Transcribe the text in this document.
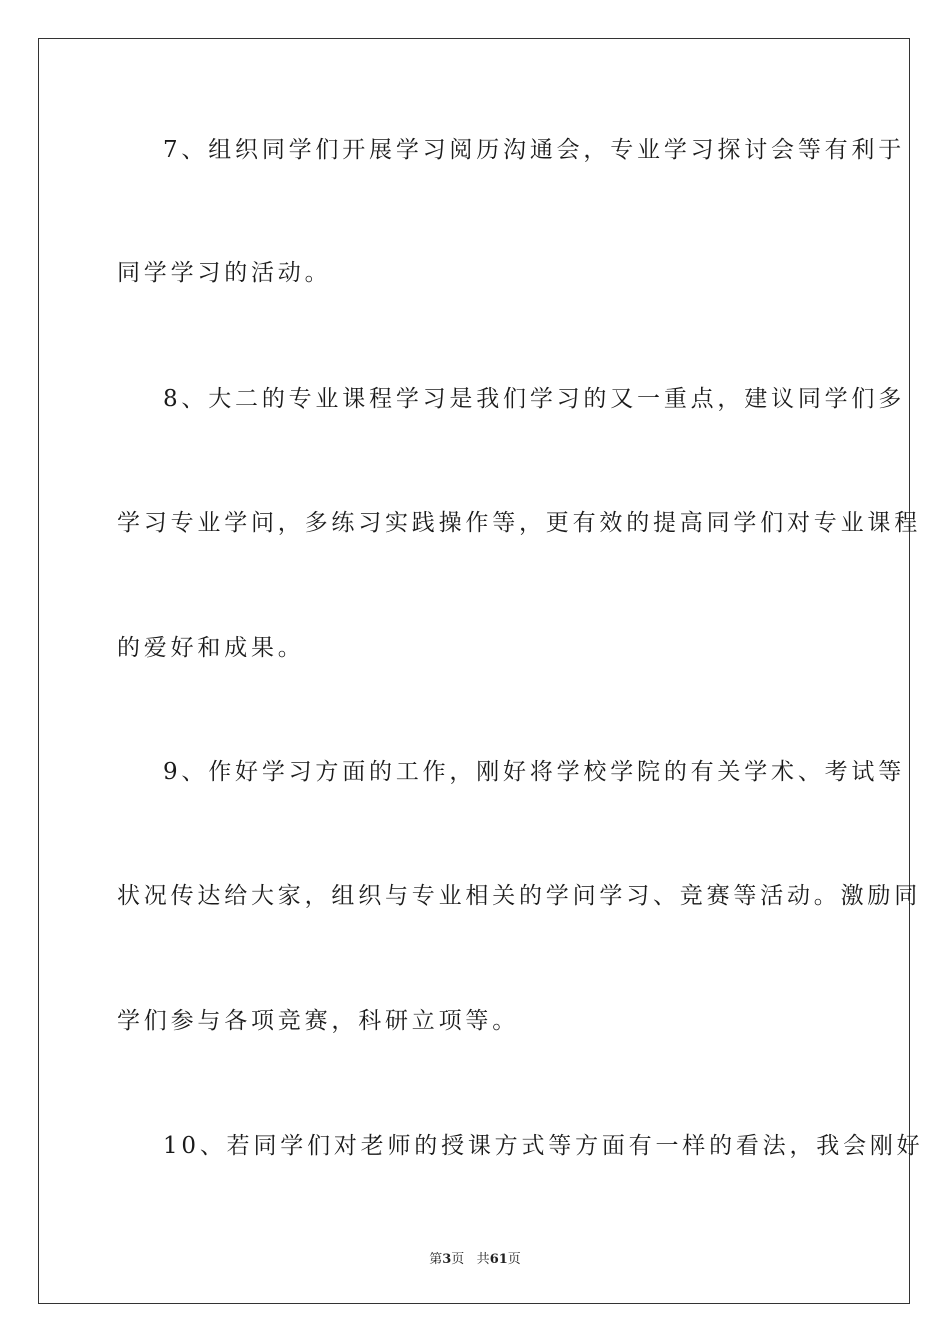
7、组织同学们开展学习阅历沟通会，专业学习探讨会等有利于
同学学习的活动。
8、大二的专业课程学习是我们学习的又一重点，建议同学们多
学习专业学问，多练习实践操作等，更有效的提高同学们对专业课程
的爱好和成果。
9、作好学习方面的工作，刚好将学校学院的有关学术、考试等
状况传达给大家，组织与专业相关的学问学习、竞赛等活动。激励同
学们参与各项竞赛，科研立项等。
10、若同学们对老师的授课方式等方面有一样的看法，我会刚好
第3页 共61页
